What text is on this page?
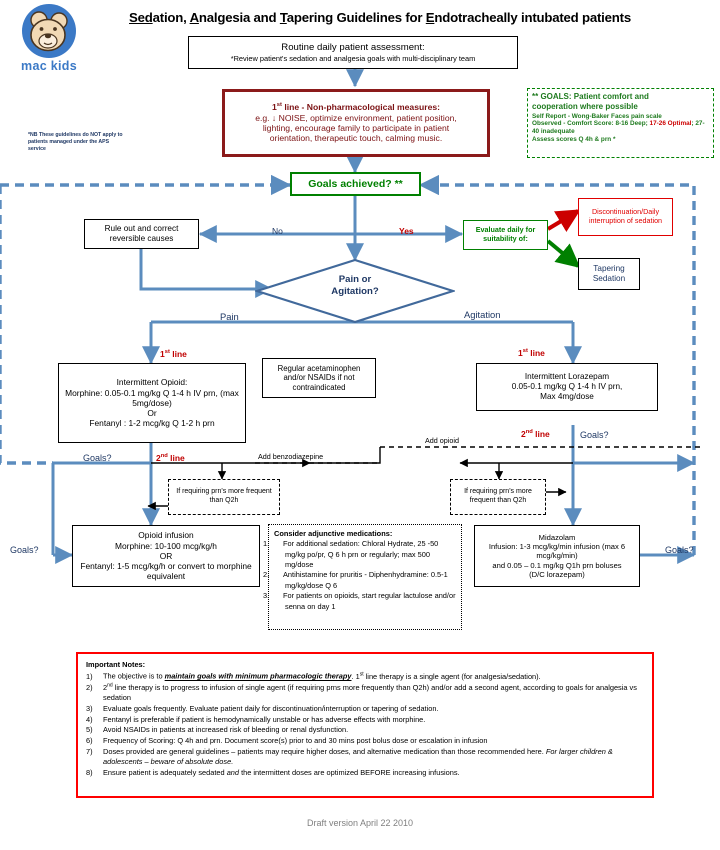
mac kids
Sedation, Analgesia and Tapering Guidelines for Endotracheally intubated patients
Routine daily patient assessment:
*Review patient's sedation and analgesia goals with multi-disciplinary team
1st line - Non-pharmacological measures:
e.g. ↓ NOISE, optimize environment, patient position,
lighting, encourage family to participate in patient
orientation, therapeutic touch, calming music.
** GOALS: Patient comfort and
cooperation where possible
Self Report - Wong-Baker Faces pain scale
Observed - Comfort Score: 8-16 Deep; 17-26 Optimal; 27-40 inadequate
Assess scores Q 4h & prn *
*NB These guidelines do NOT apply to patients managed under the APS service
Goals achieved? **
Rule out and correct reversible causes
Evaluate daily for suitability of:
Discontinuation/Daily interruption of sedation
Tapering Sedation
Pain or
Agitation?
No	Yes
Pain	Agitation
1st line	1st line
2nd line
2nd line
Goals?
Goals?
Goals?	Goals?
Add benzodiazepine
Add opioid
Intermittent Opioid:
Morphine: 0.05-0.1 mg/kg Q 1-4 h IV prn, (max 5mg/dose)
Or
Fentanyl : 1-2 mcg/kg Q 1-2 h prn
Regular acetaminophen and/or NSAIDs if not contraindicated
Intermittent Lorazepam
0.05-0.1 mg/kg Q 1-4 h IV prn,
Max 4mg/dose
If requiring prn's more frequent than Q2h
If requiring prn's more frequent than Q2h
Opioid infusion
Morphine: 10-100 mcg/kg/h
OR
Fentanyl: 1-5 mcg/kg/h or convert to morphine equivalent
Consider adjunctive medications:
1. For additional sedation: Chloral Hydrate, 25 -50 mg/kg po/pr, Q 6 h prn or regularly; max 500 mg/dose
2. Antihistamine for pruritis - Diphenhydramine: 0.5-1 mg/kg/dose Q 6
3. For patients on opioids, start regular lactulose and/or senna on day 1
Midazolam
Infusion: 1-3 mcg/kg/min infusion (max 6 mcg/kg/min)
and 0.05 – 0.1 mg/kg Q1h prn boluses
(D/C lorazepam)
Important Notes:
1) The objective is to maintain goals with minimum pharmacologic therapy. 1st line therapy is a single agent (for analgesia/sedation).
2) 2nd line therapy is to progress to infusion of single agent (if requiring prns more frequently than Q2h) and/or add a second agent, according to goals for analgesia vs sedation
3) Evaluate goals frequently. Evaluate patient daily for discontinuation/interruption or tapering of sedation.
4) Fentanyl is preferable if patient is hemodynamically unstable or has adverse effects with morphine.
5) Avoid NSAIDs in patients at increased risk of bleeding or renal dysfunction.
6) Frequency of Scoring: Q 4h and prn. Document score(s) prior to and 30 mins post bolus dose or escalation in infusion
7) Doses provided are general guidelines – patients may require higher doses, and alternative medication than those recommended here. For larger children & adolescents – beware of absolute dose.
8) Ensure patient is adequately sedated and the intermittent doses are optimized BEFORE increasing infusions.
Draft version April 22 2010
